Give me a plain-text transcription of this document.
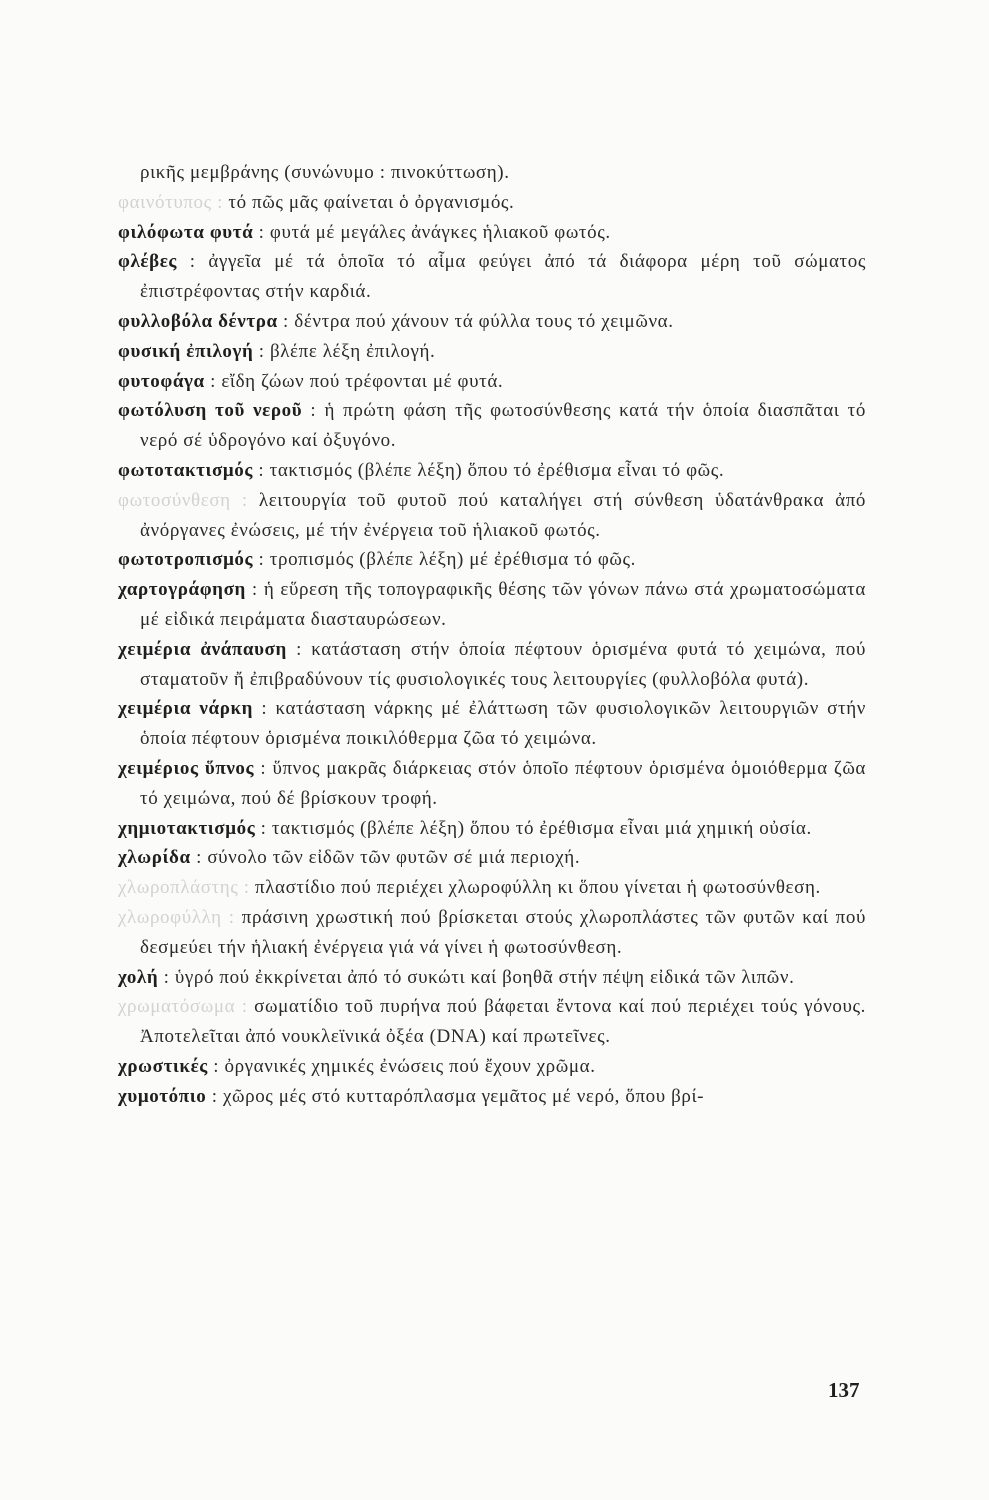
ρικῆς μεμβράνης (συνώνυμο : πινοκύττωση).

φαινότυπος : τό πῶς μᾶς φαίνεται ὁ ὀργανισμός.

φιλόφωτα φυτά : φυτά μέ μεγάλες ἀνάγκες ἡλιακοῦ φωτός.

φλέβες : ἀγγεῖα μέ τά ὁποῖα τό αἷμα φεύγει ἀπό τά διάφορα μέρη τοῦ σώματος ἐπιστρέφοντας στήν καρδιά.

φυλλοβόλα δέντρα : δέντρα πού χάνουν τά φύλλα τους τό χειμῶνα.

φυσική ἐπιλογή : βλέπε λέξη ἐπιλογή.

φυτοφάγα : εἴδη ζώων πού τρέφονται μέ φυτά.

φωτόλυση τοῦ νεροῦ : ἡ πρώτη φάση τῆς φωτοσύνθεσης κατά τήν ὁποία διασπᾶται τό νερό σέ ὑδρογόνο καί ὀξυγόνο.

φωτοτακτισμός : τακτισμός (βλέπε λέξη) ὅπου τό ἐρέθισμα εἶναι τό φῶς.

φωτοσύνθεση : λειτουργία τοῦ φυτοῦ πού καταλήγει στή σύνθεση ὑδατάνθρακα ἀπό ἀνόργανες ἐνώσεις, μέ τήν ἐνέργεια τοῦ ἡλιακοῦ φωτός.

φωτοτροπισμός : τροπισμός (βλέπε λέξη) μέ ἐρέθισμα τό φῶς.

χαρτογράφηση : ἡ εὕρεση τῆς τοπογραφικῆς θέσης τῶν γόνων πάνω στά χρωματοσώματα μέ εἰδικά πειράματα διασταυρώσεων.

χειμέρια ἀνάπαυση : κατάσταση στήν ὁποία πέφτουν ὁρισμένα φυτά τό χειμώνα, πού σταματοῦν ἤ ἐπιβραδύνουν τίς φυσιολογικές τους λειτουργίες (φυλλοβόλα φυτά).

χειμέρια νάρκη : κατάσταση νάρκης μέ ἐλάττωση τῶν φυσιολογικῶν λειτουργιῶν στήν ὁποία πέφτουν ὁρισμένα ποικιλόθερμα ζῶα τό χειμώνα.

χειμέριος ὕπνος : ὕπνος μακρᾶς διάρκειας στόν ὁποῖο πέφτουν ὁρισμένα ὁμοιόθερμα ζῶα τό χειμώνα, πού δέ βρίσκουν τροφή.

χημιοτακτισμός : τακτισμός (βλέπε λέξη) ὅπου τό ἐρέθισμα εἶναι μιά χημική οὐσία.

χλωρίδα : σύνολο τῶν εἰδῶν τῶν φυτῶν σέ μιά περιοχή.

χλωροπλάστης : πλαστίδιο πού περιέχει χλωροφύλλη κι ὅπου γίνεται ἡ φωτοσύνθεση.

χλωροφύλλη : πράσινη χρωστική πού βρίσκεται στούς χλωροπλάστες τῶν φυτῶν καί πού δεσμεύει τήν ἡλιακή ἐνέργεια γιά νά γίνει ἡ φωτοσύνθεση.

χολή : ὑγρό πού ἐκκρίνεται ἀπό τό συκώτι καί βοηθᾶ στήν πέψη εἰδικά τῶν λιπῶν.

χρωματόσωμα : σωματίδιο τοῦ πυρήνα πού βάφεται ἔντονα καί πού περιέχει τούς γόνους. Ἀποτελεῖται ἀπό νουκλεϊνικά ὀξέα (DNA) καί πρωτεῖνες.

χρωστικές : ὀργανικές χημικές ἐνώσεις πού ἔχουν χρῶμα.

χυμοτόπιο : χῶρος μές στό κυτταρόπλασμα γεμᾶτος μέ νερό, ὅπου βρί-

137
